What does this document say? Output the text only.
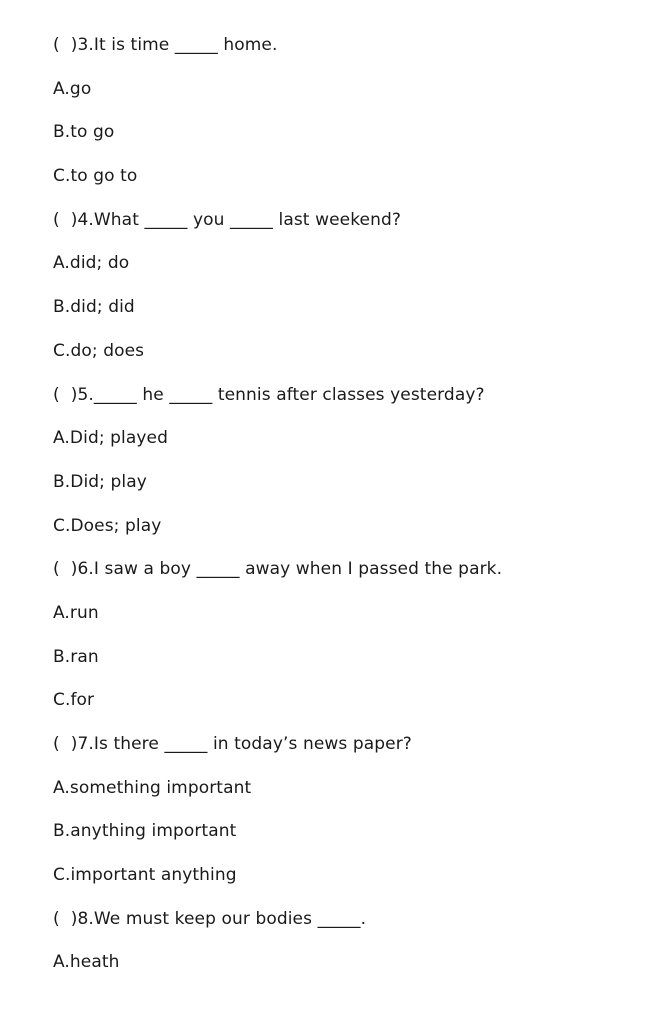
(  )3.It is time _____ home.
A.go
B.to go
C.to go to
(  )4.What _____ you _____ last weekend?
A.did; do
B.did; did
C.do; does
(  )5._____ he _____ tennis after classes yesterday?
A.Did; played
B.Did; play
C.Does; play
(  )6.I saw a boy _____ away when I passed the park.
A.run
B.ran
C.for
(  )7.Is there _____ in today’s news paper?
A.something important
B.anything important
C.important anything
(  )8.We must keep our bodies _____.
A.heath
